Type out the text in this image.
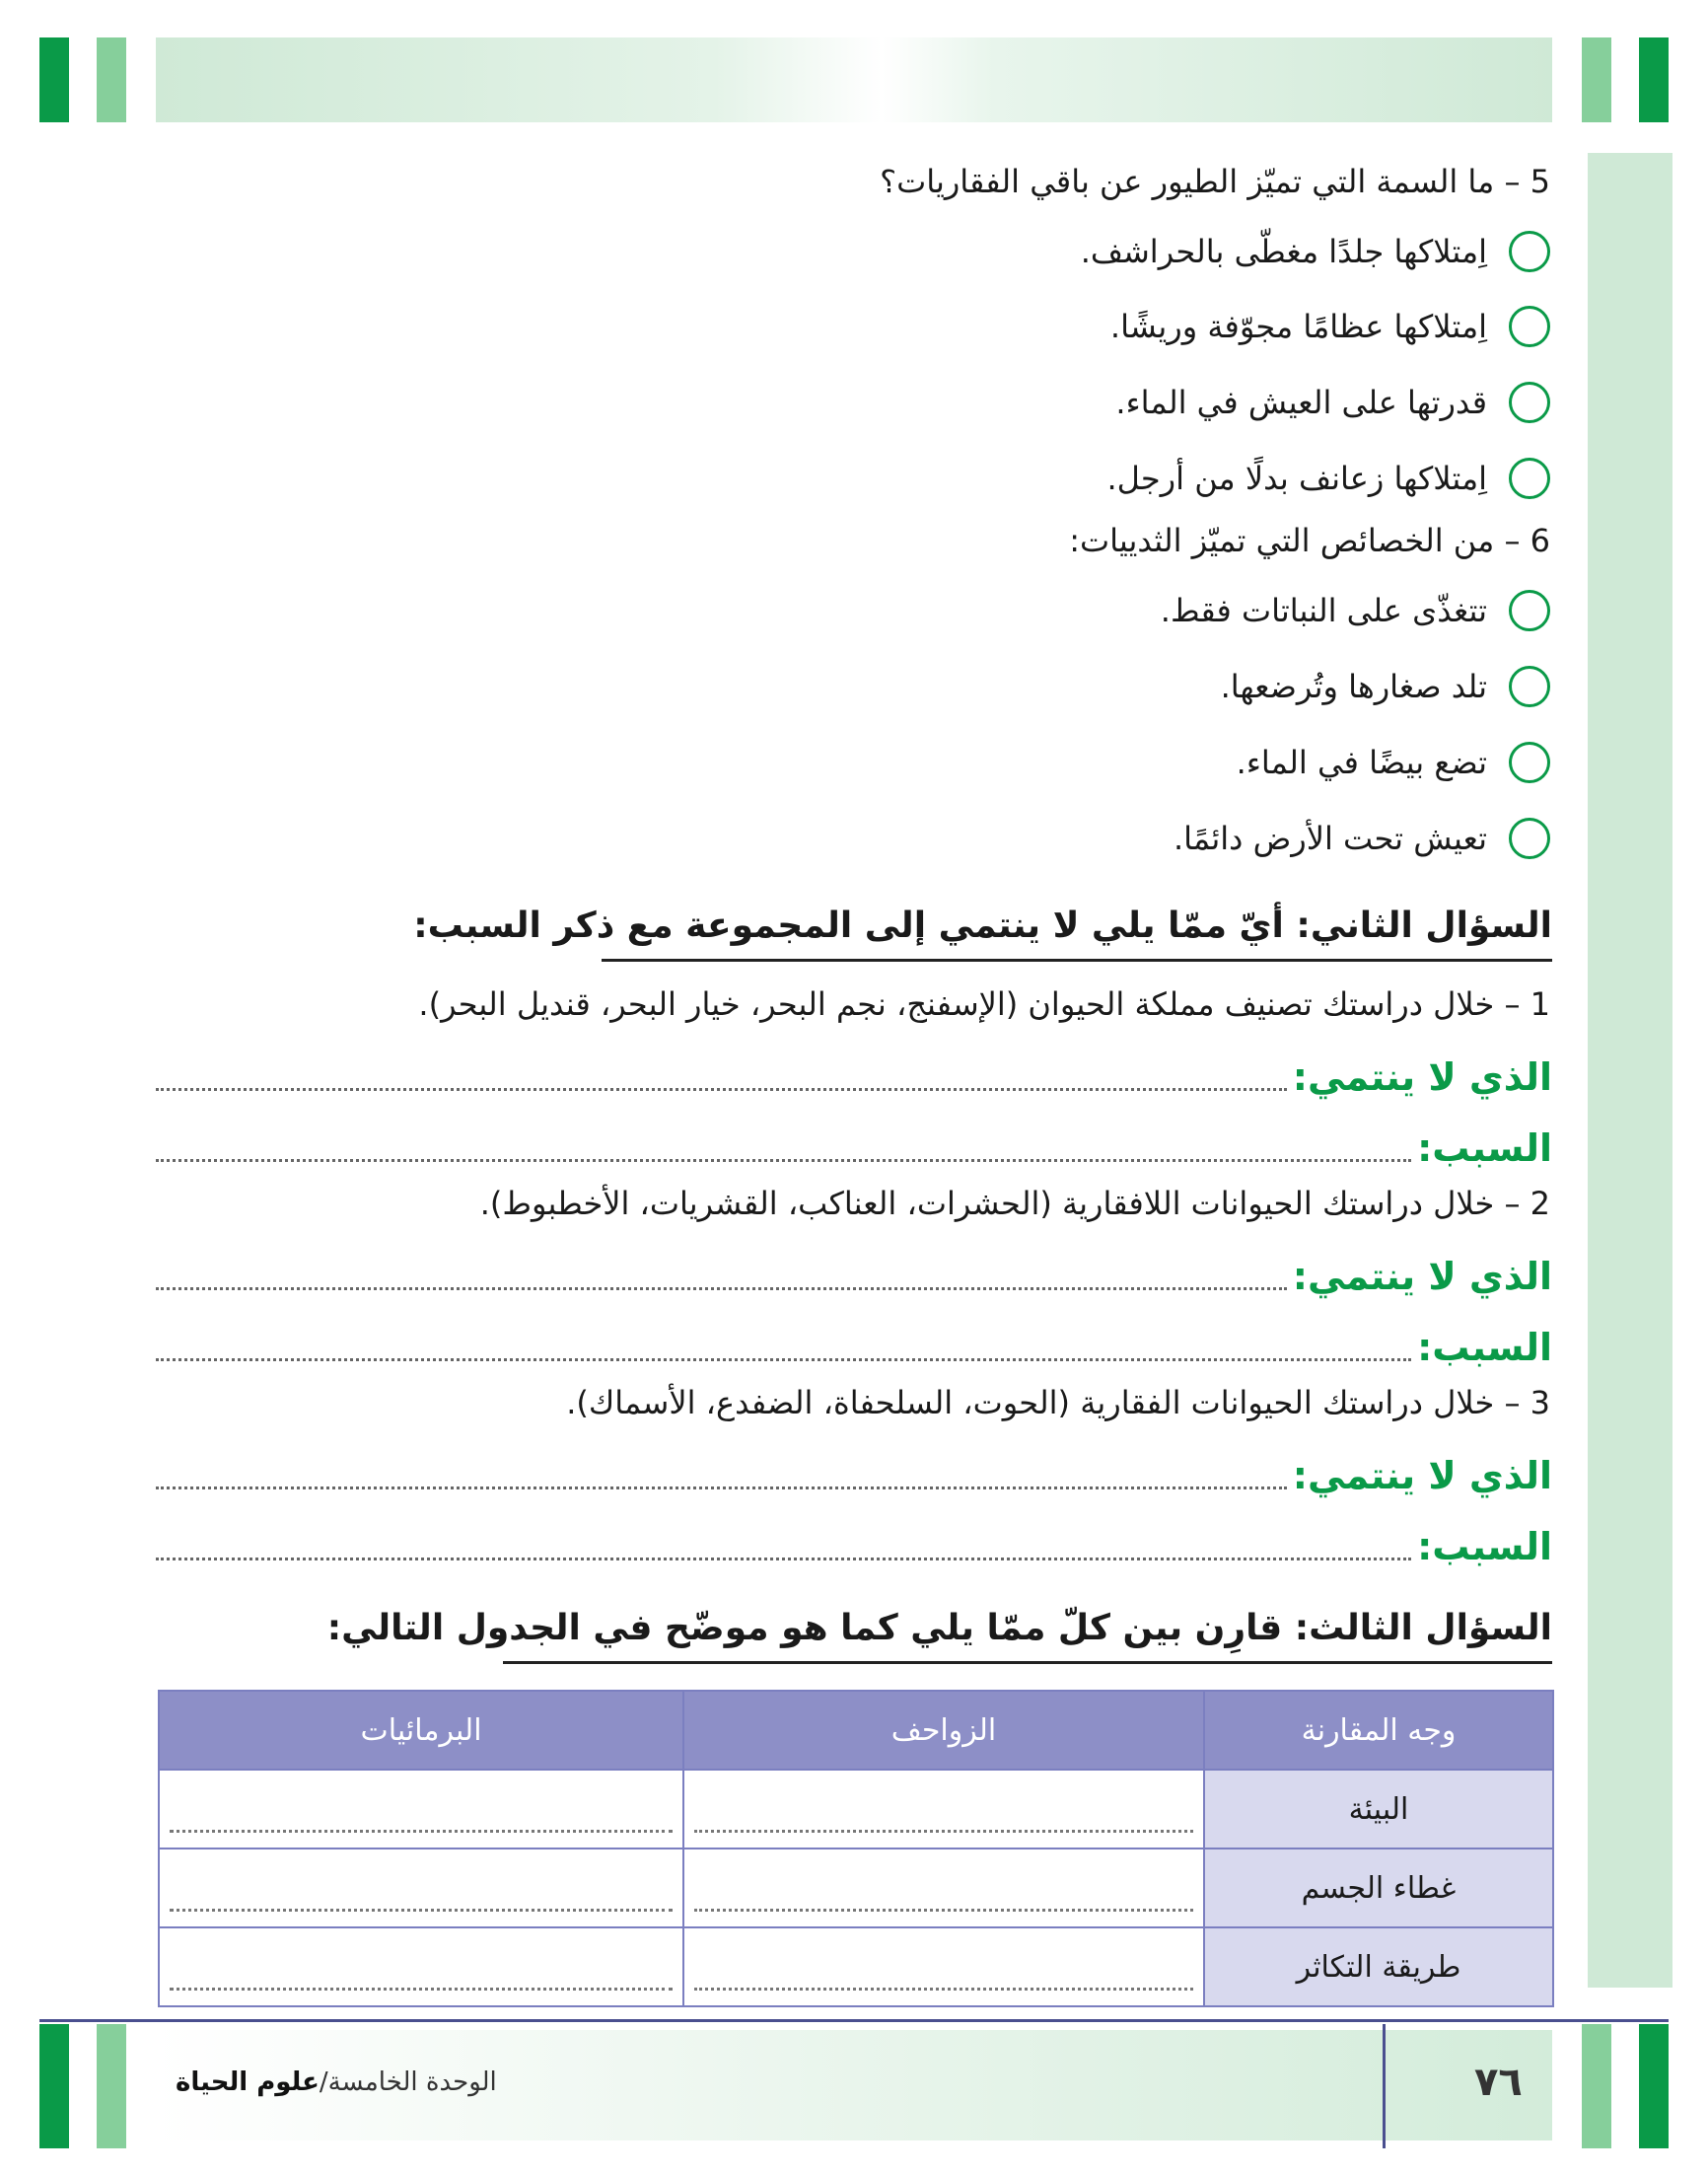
5 – ما السمة التي تميّز الطيور عن باقي الفقاريات؟
اِمتلاكها جلدًا مغطّى بالحراشف.
اِمتلاكها عظامًا مجوّفة وريشًا.
قدرتها على العيش في الماء.
اِمتلاكها زعانف بدلًا من أرجل.
6 – من الخصائص التي تميّز الثدييات:
تتغذّى على النباتات فقط.
تلد صغارها وتُرضعها.
تضع بيضًا في الماء.
تعيش تحت الأرض دائمًا.
السؤال الثاني: أيّ ممّا يلي لا ينتمي إلى المجموعة مع ذكر السبب:
1 – خلال دراستك تصنيف مملكة الحيوان (الإسفنج، نجم البحر، خيار البحر، قنديل البحر).
الذي لا ينتمي:
السبب:
2 – خلال دراستك الحيوانات اللافقارية (الحشرات، العناكب، القشريات، الأخطبوط).
الذي لا ينتمي:
السبب:
3 – خلال دراستك الحيوانات الفقارية (الحوت، السلحفاة، الضفدع، الأسماك).
الذي لا ينتمي:
السبب:
السؤال الثالث: قارِن بين كلّ ممّا يلي كما هو موضّح في الجدول التالي:
وجه المقارنة	الزواحف	البرمائيات
البيئة	

غطاء الجسم	

طريقة التكاثر	

الوحدة الخامسة/علوم الحياة	٧٦
